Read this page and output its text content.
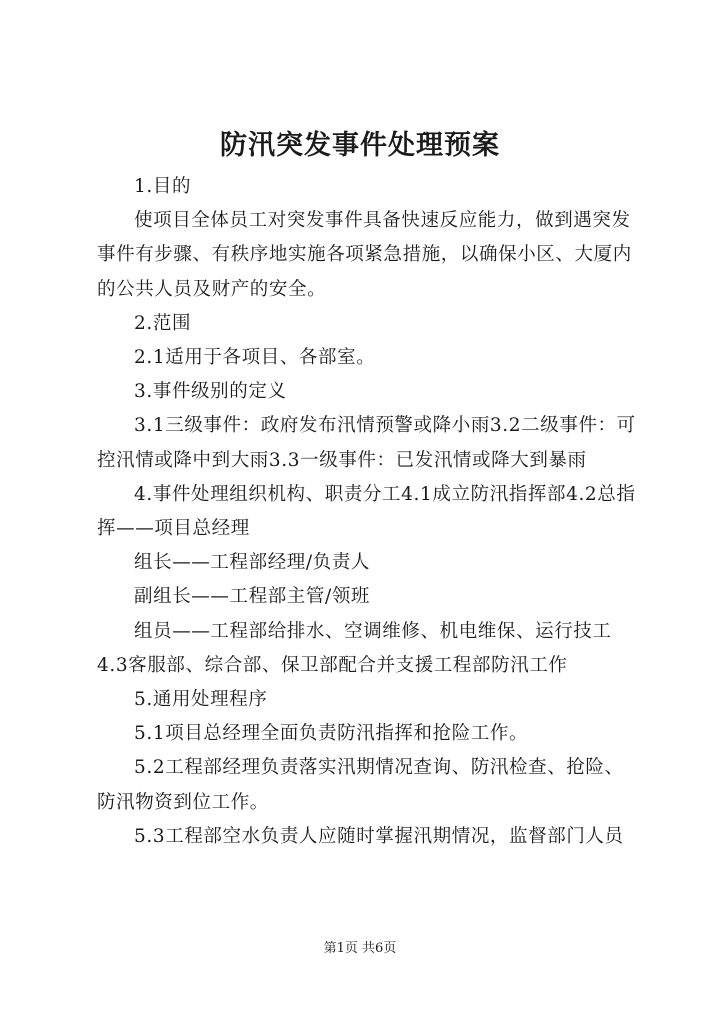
防汛突发事件处理预案

1.目的

使项目全体员工对突发事件具备快速反应能力，做到遇突发事件有步骤、有秩序地实施各项紧急措施，以确保小区、大厦内的公共人员及财产的安全。

2.范围

2.1适用于各项目、各部室。

3.事件级别的定义

3.1三级事件：政府发布汛情预警或降小雨3.2二级事件：可控汛情或降中到大雨3.3一级事件：已发汛情或降大到暴雨

4.事件处理组织机构、职责分工4.1成立防汛指挥部4.2总指挥——项目总经理

组长——工程部经理/负责人

副组长——工程部主管/领班

组员——工程部给排水、空调维修、机电维保、运行技工4.3客服部、综合部、保卫部配合并支援工程部防汛工作

5.通用处理程序

5.1项目总经理全面负责防汛指挥和抢险工作。

5.2工程部经理负责落实汛期情况查询、防汛检查、抢险、防汛物资到位工作。

5.3工程部空水负责人应随时掌握汛期情况，监督部门人员

第1页 共6页
